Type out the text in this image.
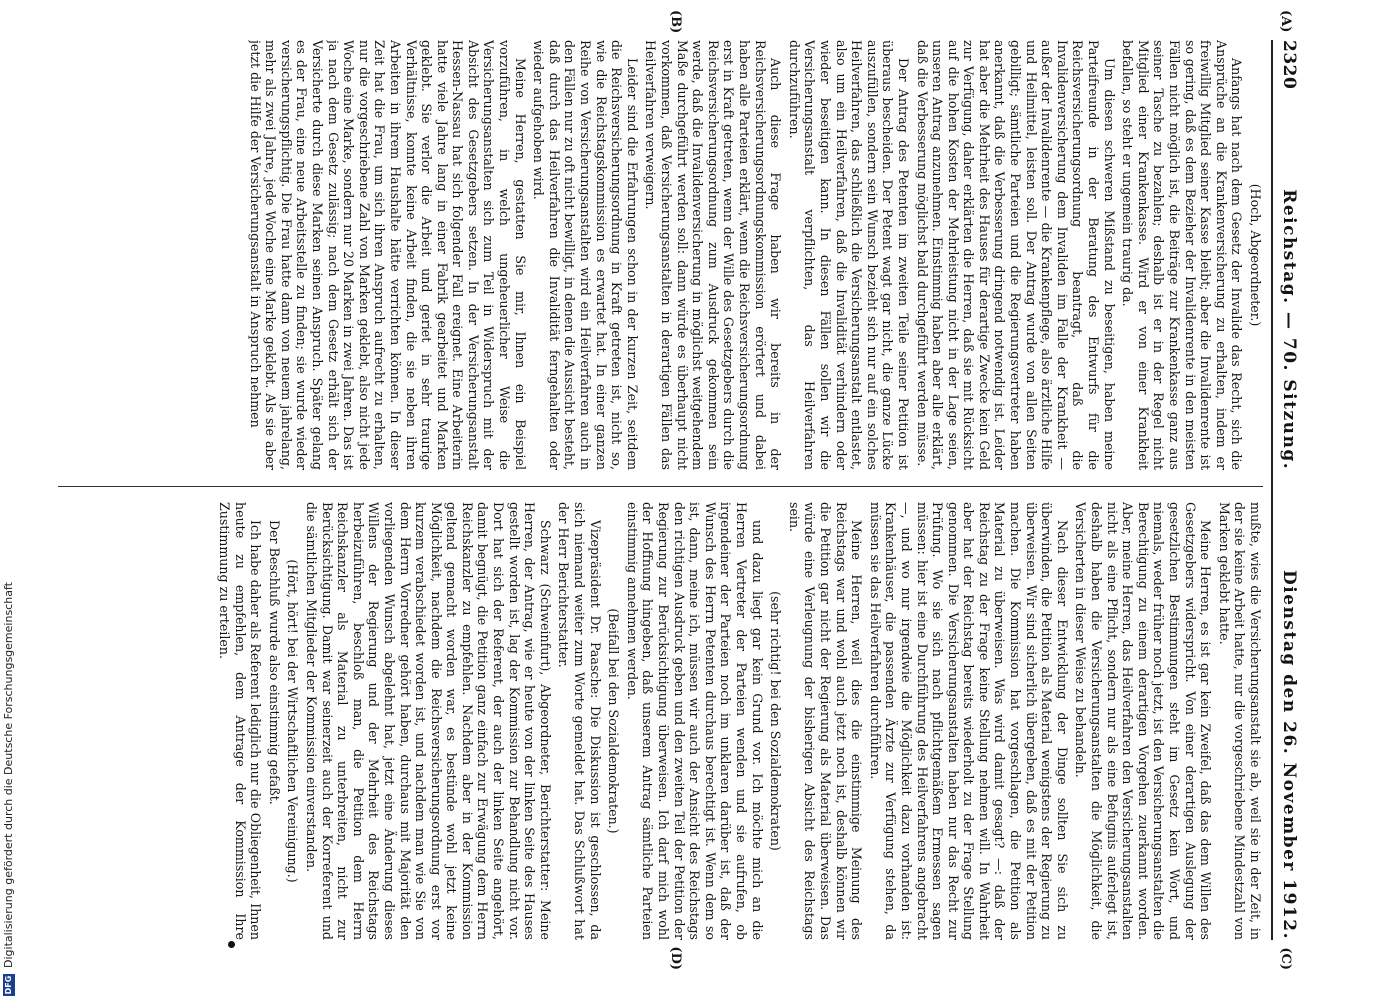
2320
Reichstag. — 70. Sitzung.
Dienstag den 26. November 1912.
(A)
(B)
(C)
(D)

(Hoch, Abgeordneter.)

Anfangs hat nach dem Gesetz der Invalide das Recht, sich die Ansprüche an die Krankenversicherung zu erhalten, indem er freiwillig Mitglied seiner Kasse bleibt; aber die Invalidenrente ist so gering, daß es dem Bezieher der Invalidenrente in den meisten Fällen nicht möglich ist, die Beiträge zur Krankenkasse ganz aus seiner Tasche zu bezahlen; deshalb ist er in der Regel nicht Mitglied einer Krankenkasse. Wird er von einer Krankheit befallen, so steht er ungemein traurig da.

Um diesen schweren Mißstand zu beseitigen, haben meine Parteifreunde in der Beratung des Entwurfs für die Reichsversicherungsordnung beantragt, daß die Invalidenversicherung dem Invaliden im Falle der Krankheit — außer der Invalidenrente — die Krankenpflege, also ärztliche Hilfe und Heilmittel, leisten soll. Der Antrag wurde von allen Seiten gebilligt; sämtliche Parteien und die Regierungsvertreter haben anerkannt, daß die Verbesserung dringend notwendig ist. Leider hat aber die Mehrheit des Hauses für derartige Zwecke kein Geld zur Verfügung, daher erklärten die Herren, daß sie mit Rücksicht auf die hohen Kosten der Mehrleistung nicht in der Lage seien, unseren Antrag anzunehmen. Einstimmig haben aber alle erklärt, daß die Verbesserung möglichst bald durchgeführt werden müsse.

Der Antrag des Petenten im zweiten Teile seiner Petition ist überaus bescheiden. Der Petent wagt gar nicht, die ganze Lücke auszufüllen, sondern sein Wunsch bezieht sich nur auf ein solches Heilverfahren, das schließlich die Versicherungsanstalt entlastet, also um ein Heilverfahren, daß die Invalidität verhindern oder wieder beseitigen kann. In diesen Fällen sollen wir die Versicherungsanstalt verpflichten, das Heilverfahren durchzuführen.

Auch diese Frage haben wir bereits in der Reichsversicherungsordnungskommission erörtert und dabei haben alle Parteien erklärt, wenn die Reichsversicherungsordnung erst in Kraft getreten, wenn der Wille des Gesetzgebers durch die Reichsversicherungsordnung zum Ausdruck gekommen sein werde, daß die Invalidenversicherung in möglichst weitgehendem Maße durchgeführt werden soll: dann würde es überhaupt nicht vorkommen, daß Versicherungsanstalten in derartigen Fällen das Heilverfahren verweigern.

Leider sind die Erfahrungen schon in der kurzen Zeit, seitdem die Reichsversicherungsordnung in Kraft getreten ist, nicht so, wie die Reichstagskommission es erwartet hat. In einer ganzen Reihe von Versicherungsanstalten wird ein Heilverfahren auch in den Fällen nur zu oft nicht bewilligt, in denen die Aussicht besteht, daß durch das Heilverfahren die Invalidität ferngehalten oder wieder aufgehoben wird.

Meine Herren, gestatten Sie mir, Ihnen ein Beispiel vorzuführen, in welch ungeheuerlicher Weise die Versicherungsanstalten sich zum Teil in Widerspruch mit der Absicht des Gesetzgebers setzen. In der Versicherungsanstalt Hessen-Nassau hat sich folgender Fall ereignet. Eine Arbeiterin hatte viele Jahre lang in einer Fabrik gearbeitet und Marken geklebt. Sie verlor die Arbeit und geriet in sehr traurige Verhältnisse, konnte keine Arbeit finden, die sie neben ihren Arbeiten in ihrem Haushalte hätte verrichten können. In dieser Zeit hat die Frau, um sich ihren Anspruch aufrecht zu erhalten, nur die vorgeschriebene Zahl von Marken geklebt, also nicht jede Woche eine Marke, sondern nur 20 Marken in zwei Jahren. Das ist ja nach dem Gesetz zulässig; nach dem Gesetz erhält sich der Versicherte durch diese Marken seinen Anspruch. Später gelang es der Frau, eine neue Arbeitsstelle zu finden; sie wurde wieder versicherungspflichtig. Die Frau hatte dann von neuem jahrelang, mehr als zwei Jahre, jede Woche eine Marke geklebt. Als sie aber jetzt die Hilfe der Versicherungsanstalt in Anspruch nehmen

mußte, wies die Versicherungsanstalt sie ab, weil sie in der Zeit, in der sie keine Arbeit hatte, nur die vorgeschriebene Mindestzahl von Marken geklebt hatte.

Meine Herren, es ist gar kein Zweifel, daß das dem Willen des Gesetzgebers widerspricht. Von einer derartigen Auslegung der gesetzlichen Bestimmungen steht im Gesetz kein Wort, und niemals, weder früher noch jetzt, ist den Versicherungsanstalten die Berechtigung zu einem derartigen Vorgehen zuerkannt worden. Aber, meine Herren, das Heilverfahren den Versicherungsanstalten nicht als eine Pflicht, sondern nur als eine Befugnis auferlegt ist, deshalb haben die Versicherungsanstalten die Möglichkeit, die Versicherten in dieser Weise zu behandeln.

Nach dieser Entwicklung der Dinge sollten Sie sich zu überwinden, die Petition als Material wenigstens der Regierung zu überweisen. Wir sind sicherlich übergeben, daß es mit der Petition machen. Die Kommission hat vorgeschlagen, die Petition als Material zu überweisen. Was wird damit gesagt? —: daß der Reichstag zu der Frage keine Stellung nehmen will. In Wahrheit aber hat der Reichstag bereits wiederholt zu der Frage Stellung genommen. Die Versicherungsanstalten haben nur das Recht zur Prüfung. Wo sie sich nach pflichtgemäßem Ermessen sagen müssen: hier ist eine Durchführung des Heilverfahrens angebracht —, und wo nur irgendwie die Möglichkeit dazu vorhanden ist: Krankenhäuser, die passenden Ärzte zur Verfügung stehen, da müssen sie das Heilverfahren durchführen.

Meine Herren, weil dies die einstimmige Meinung des Reichstags war und wohl auch jetzt noch ist, deshalb können wir die Petition gar nicht der Regierung als Material überweisen. Das würde eine Verleugnung der bisherigen Absicht des Reichstags sein.

(sehr richtig! bei den Sozialdemokraten)

und dazu liegt gar kein Grund vor. Ich möchte mich an die Herren Vertreter der Parteien wenden und sie aufrufen, ob irgendeiner der Parteien noch im unklaren darüber ist, daß der Wunsch des Herrn Petenten durchaus berechtigt ist. Wenn dem so ist, dann, meine ich, müssen wir auch der Ansicht des Reichstags den richtigen Ausdruck geben und den zweiten Teil der Petition der Regierung zur Berücksichtigung überweisen. Ich darf mich wohl der Hoffnung hingeben, daß unserem Antrag sämtliche Parteien einstimmig annehmen werden.

(Beifall bei den Sozialdemokraten.)

Vizepräsident Dr. Paasche: Die Diskussion ist geschlossen, da sich niemand weiter zum Worte gemeldet hat. Das Schlußwort hat der Herr Berichterstatter.

Schwarz (Schweinfurt), Abgeordneter, Berichterstatter: Meine Herren, der Antrag, wie er heute von der linken Seite des Hauses gestellt worden ist, lag der Kommission zur Behandlung nicht vor. Dort hat sich der Referent, der auch der linken Seite angehört, damit begnügt, die Petition ganz einfach zur Erwägung dem Herrn Reichskanzler zu empfehlen. Nachdem aber in der Kommission geltend gemacht worden war, es bestünde wohl jetzt keine Möglichkeit, nachdem die Reichsversicherungsordnung erst vor kurzem verabschiedet worden ist, und nachdem man wie Sie von dem Herrn Vorredner gehört haben, durchaus mit Majorität den vorliegenden Wunsch abgelehnt hat, jetzt eine Änderung dieses Willens der Regierung und der Mehrheit des Reichstags herbeizuführen, beschloß man, die Petition dem Herrn Reichskanzler als Material zu unterbreiten, nicht zur Berücksichtigung. Damit war seinerzeit auch der Korreferent und die sämtlichen Mitglieder der Kommission einverstanden.

(Hört, hört! bei der Wirtschaftlichen Vereinigung.)

Der Beschluß wurde also einstimmig gefaßt.

Ich habe daher als Referent lediglich nur die Obliegenheit, Ihnen heute zu empfehlen, dem Antrage der Kommission Ihre Zustimmung zu erteilen.

DFG
Digitalisierung gefördert durch die Deutsche Forschungsgemeinschaft
